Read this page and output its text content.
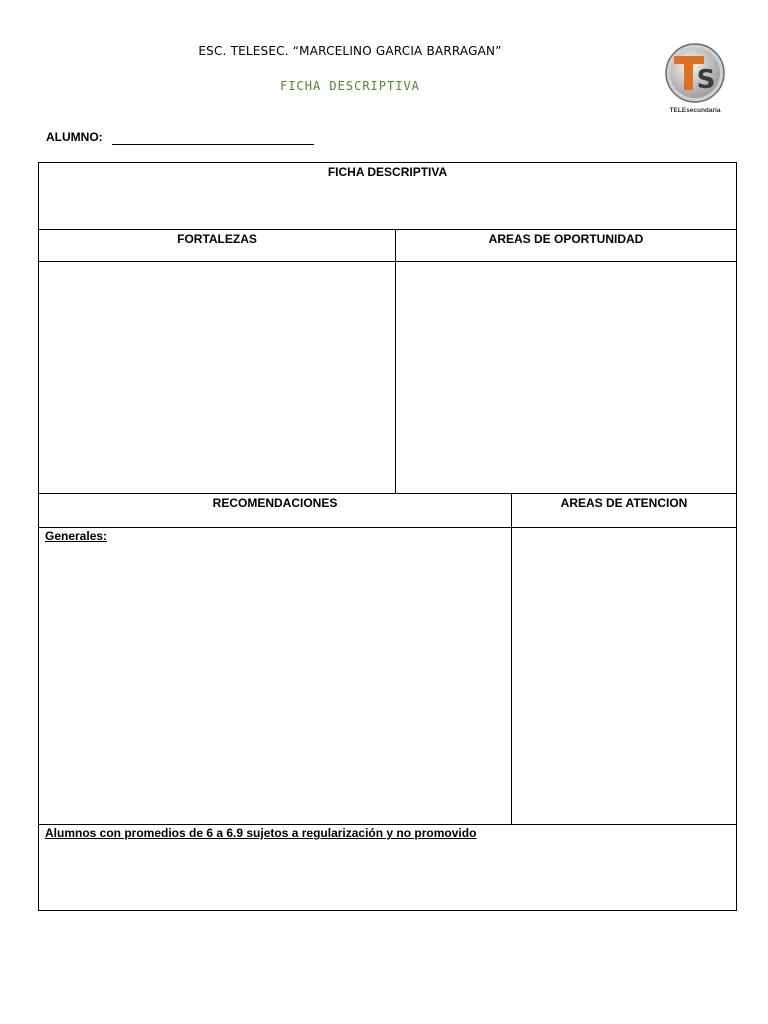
ESC. TELESEC. “MARCELINO GARCIA BARRAGAN”
FICHA DESCRIPTIVA	S
TELEsecundaria
ALUMNO:
FICHA DESCRIPTIVA
FORTALEZAS	AREAS DE OPORTUNIDAD
RECOMENDACIONES	AREAS DE ATENCION
Generales:
Alumnos con promedios de 6 a 6.9 sujetos a regularización y no promovido
